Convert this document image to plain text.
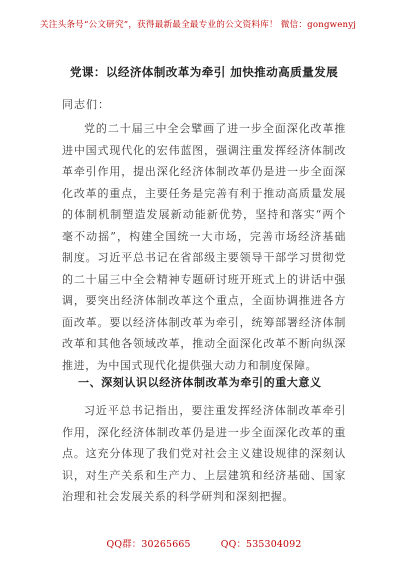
关注头条号“公文研究”，获得最新最全最专业的公文资料库！ 微信：gongwenyj
党课：以经济体制改革为牵引 加快推动高质量发展
同志们：

党的二十届三中全会擘画了进一步全面深化改革推进中国式现代化的宏伟蓝图，强调注重发挥经济体制改革牵引作用，提出深化经济体制改革仍是进一步全面深化改革的重点，主要任务是完善有利于推动高质量发展的体制机制塑造发展新动能新优势，坚持和落实“两个毫不动摇”，构建全国统一大市场，完善市场经济基础制度。习近平总书记在省部级主要领导干部学习贯彻党的二十届三中全会精神专题研讨班开班式上的讲话中强调，要突出经济体制改革这个重点，全面协调推进各方面改革。要以经济体制改革为牵引，统筹部署经济体制改革和其他各领域改革，推动全面深化改革不断向纵深推进，为中国式现代化提供强大动力和制度保障。

一、深刻认识以经济体制改革为牵引的重大意义

习近平总书记指出，要注重发挥经济体制改革牵引作用，深化经济体制改革仍是进一步全面深化改革的重点。这充分体现了我们党对社会主义建设规律的深刻认识，对生产关系和生产力、上层建筑和经济基础、国家治理和社会发展关系的科学研判和深刻把握。

QQ群：30265665	QQ：535304092
